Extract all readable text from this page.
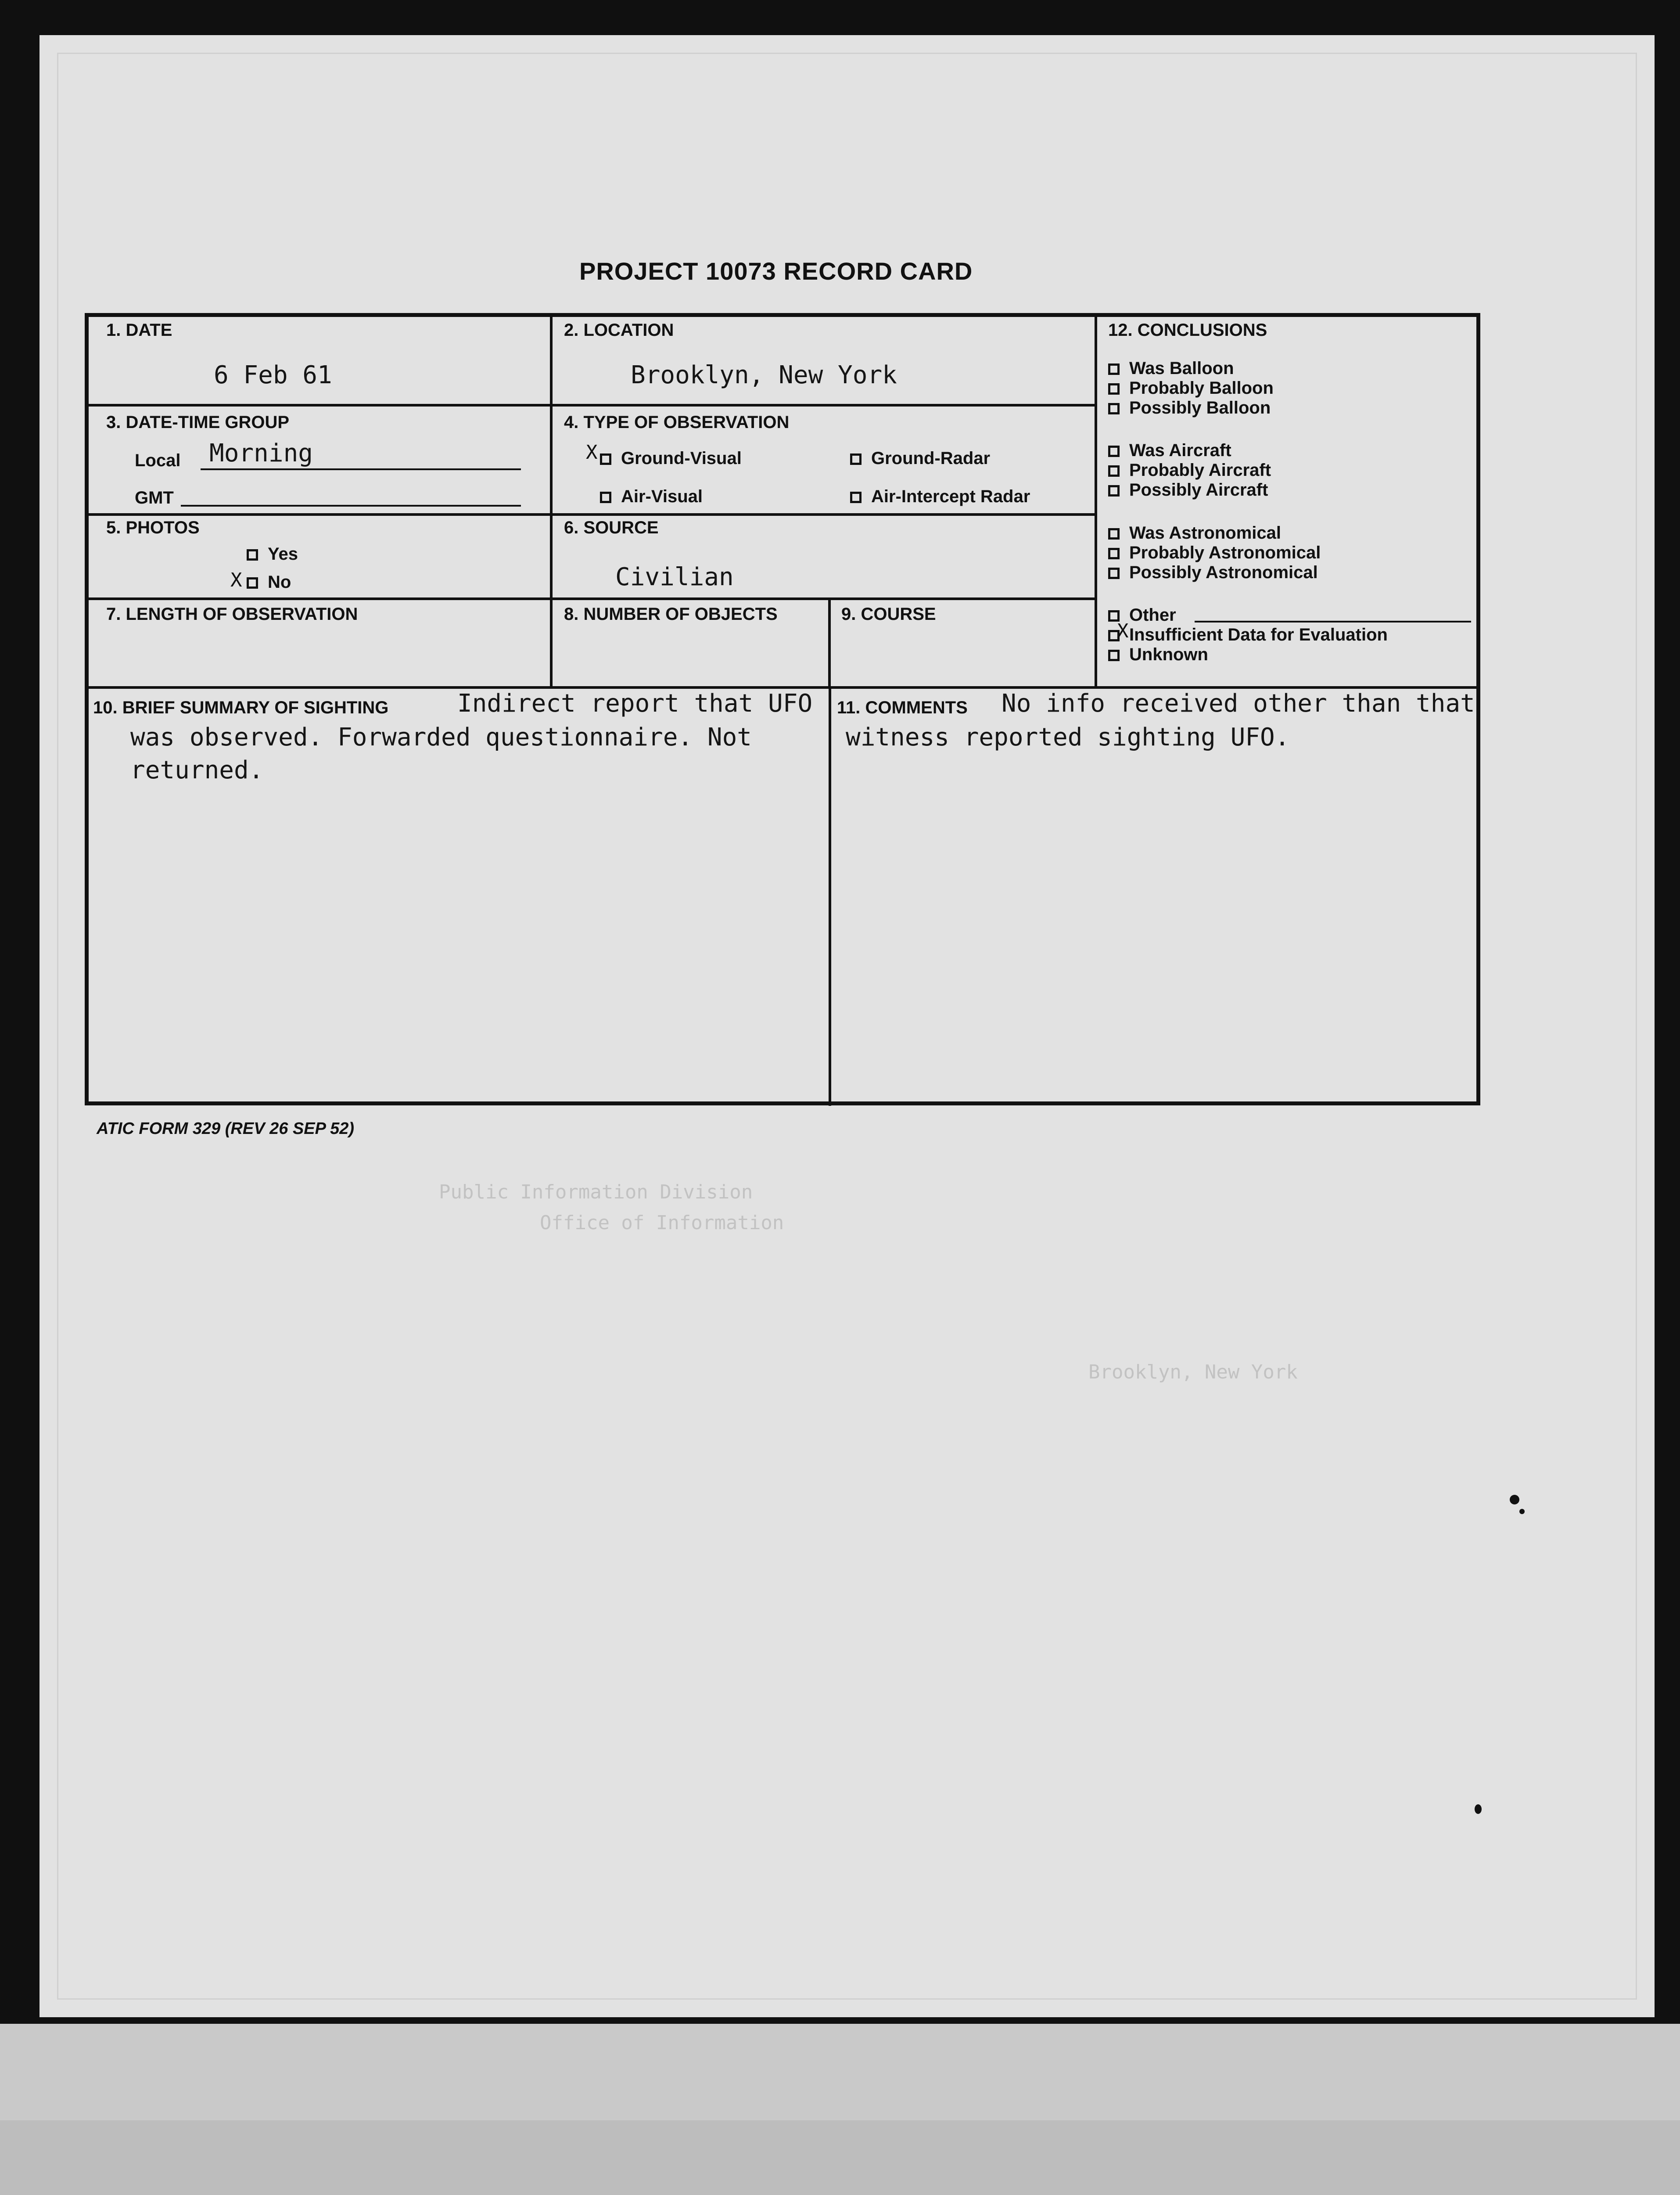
Public Information Division
Office of Information
Brooklyn, New York
PROJECT 10073 RECORD CARD
1. DATE
6 Feb 61
2. LOCATION
Brooklyn, New York
3. DATE-TIME GROUP
Local Morning
GMT
4. TYPE OF OBSERVATION
X	Ground-Visual	Ground-Radar
Air-Visual	Air-Intercept Radar
5. PHOTOS
Yes
X	No
6. SOURCE
Civilian
7. LENGTH OF OBSERVATION	8. NUMBER OF OBJECTS	9. COURSE
12. CONCLUSIONS
Was Balloon
Probably Balloon
Possibly Balloon
Was Aircraft
Probably Aircraft
Possibly Aircraft
Was Astronomical
Probably Astronomical
Possibly Astronomical
Other
X Insufficient Data for Evaluation
Unknown
10. BRIEF SUMMARY OF SIGHTING	Indirect report that UFO
was observed. Forwarded questionnaire. Not
returned.
11. COMMENTS No info received other than that
witness reported sighting UFO.
ATIC FORM 329 (REV 26 SEP 52)
